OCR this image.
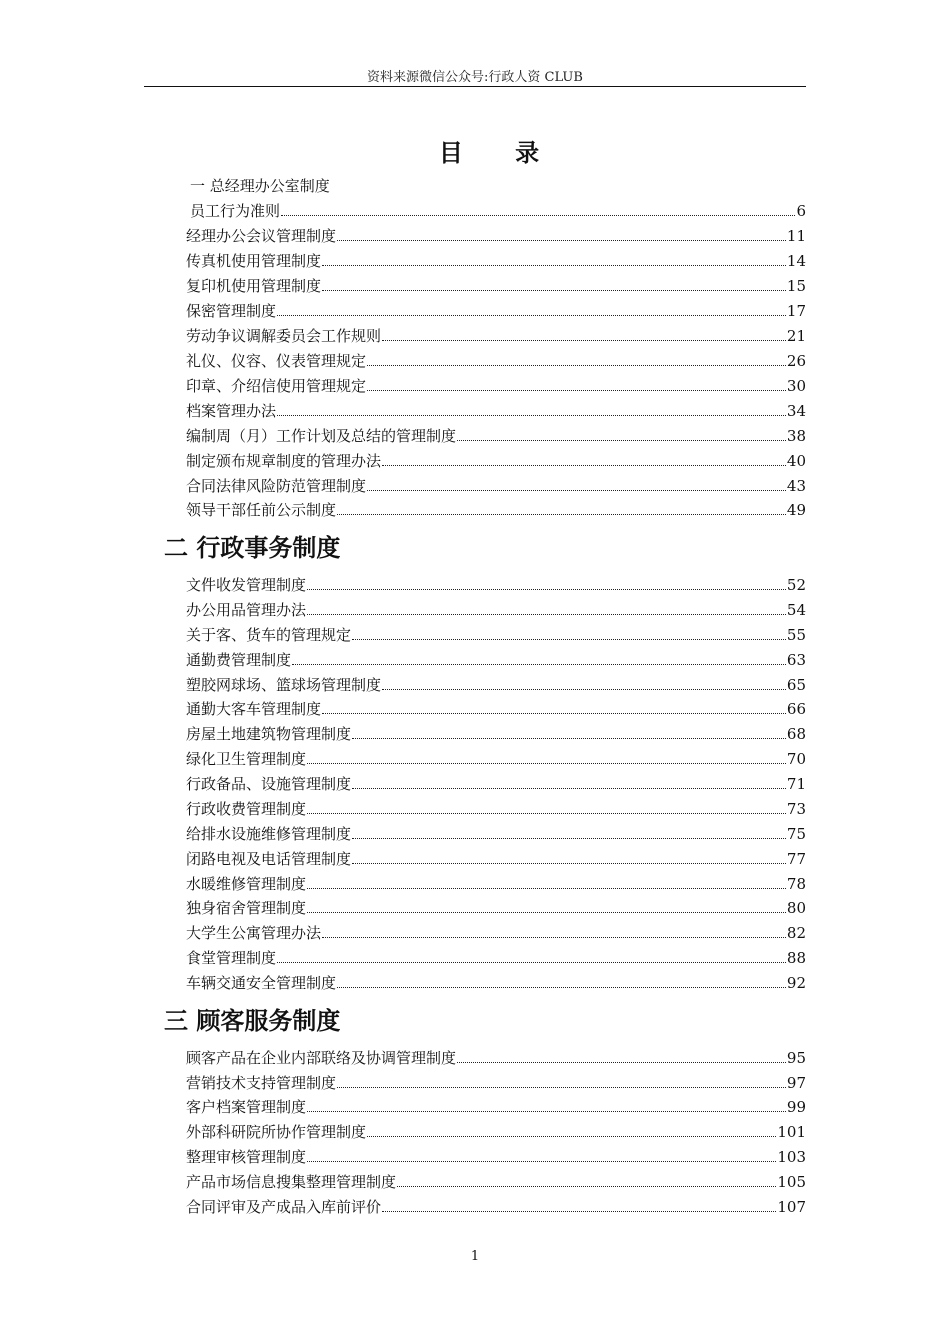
资料来源微信公众号:行政人资 CLUB
目 录
一 总经理办公室制度
员工行为准则	6
经理办公会议管理制度	11
传真机使用管理制度	14
复印机使用管理制度	15
保密管理制度	17
劳动争议调解委员会工作规则	21
礼仪、仪容、仪表管理规定	26
印章、介绍信使用管理规定	30
档案管理办法	34
编制周（月）工作计划及总结的管理制度	38
制定颁布规章制度的管理办法	40
合同法律风险防范管理制度	43
领导干部任前公示制度	49
二 行政事务制度
文件收发管理制度	52
办公用品管理办法	54
关于客、货车的管理规定	55
通勤费管理制度	63
塑胶网球场、篮球场管理制度	65
通勤大客车管理制度	66
房屋土地建筑物管理制度	68
绿化卫生管理制度	70
行政备品、设施管理制度	71
行政收费管理制度	73
给排水设施维修管理制度	75
闭路电视及电话管理制度	77
水暖维修管理制度	78
独身宿舍管理制度	80
大学生公寓管理办法	82
食堂管理制度	88
车辆交通安全管理制度	92
三 顾客服务制度
顾客产品在企业内部联络及协调管理制度	95
营销技术支持管理制度	97
客户档案管理制度	99
外部科研院所协作管理制度	101
整理审核管理制度	103
产品市场信息搜集整理管理制度	105
合同评审及产成品入库前评价	107
1
